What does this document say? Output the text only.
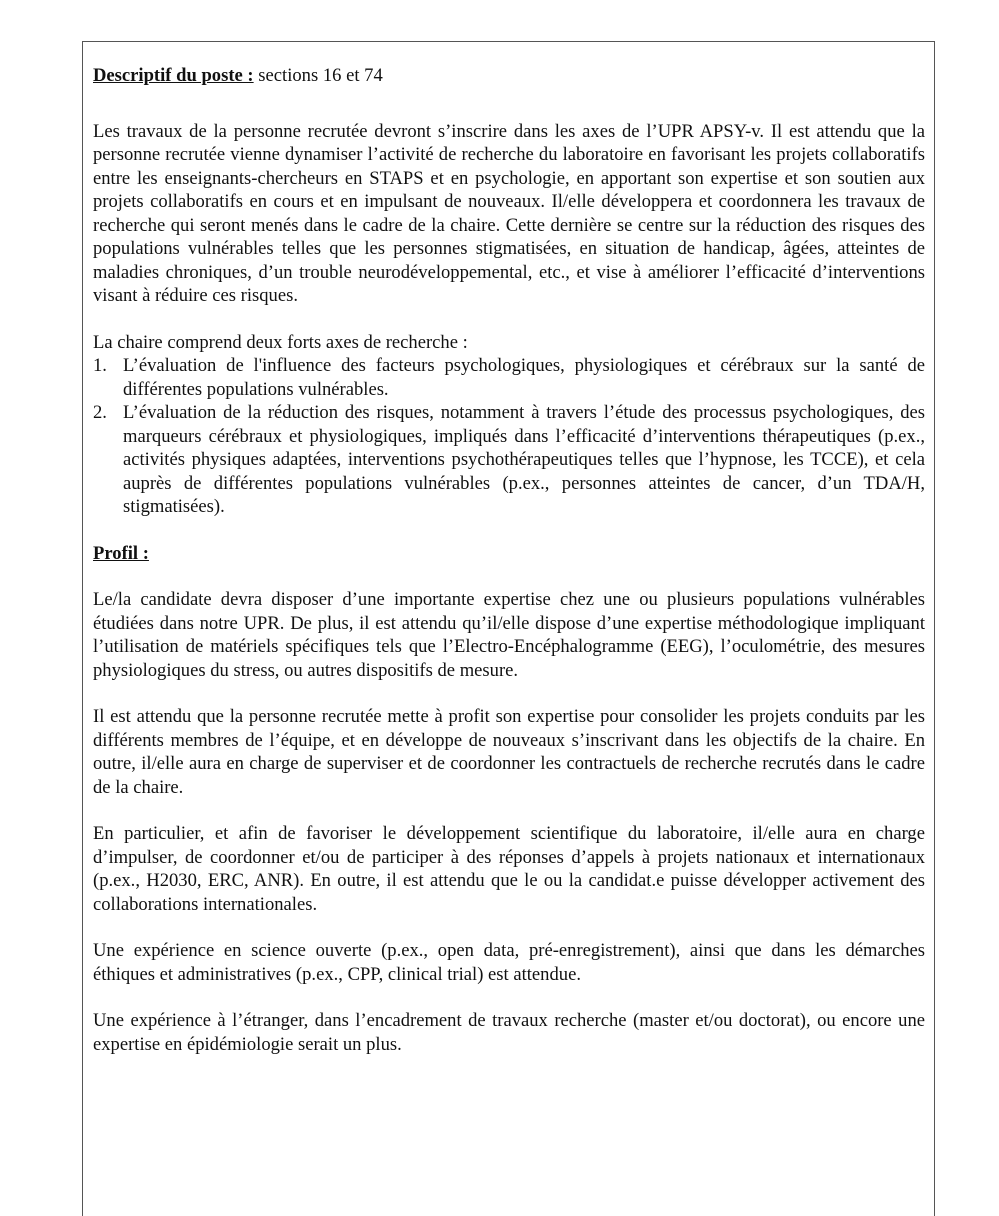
Descriptif du poste : sections 16 et 74

Les travaux de la personne recrutée devront s’inscrire dans les axes de l’UPR APSY-v. Il est attendu que la personne recrutée vienne dynamiser l’activité de recherche du laboratoire en favorisant les projets collaboratifs entre les enseignants-chercheurs en STAPS et en psychologie, en apportant son expertise et son soutien aux projets collaboratifs en cours et en impulsant de nouveaux. Il/elle développera et coordonnera les travaux de recherche qui seront menés dans le cadre de la chaire. Cette dernière se centre sur la réduction des risques des populations vulnérables telles que les personnes stigmatisées, en situation de handicap, âgées, atteintes de maladies chroniques, d’un trouble neurodéveloppemental, etc., et vise à améliorer l’efficacité d’interventions visant à réduire ces risques.

La chaire comprend deux forts axes de recherche :

1. L’évaluation de l'influence des facteurs psychologiques, physiologiques et cérébraux sur la santé de différentes populations vulnérables.
2. L’évaluation de la réduction des risques, notamment à travers l’étude des processus psychologiques, des marqueurs cérébraux et physiologiques, impliqués dans l’efficacité d’interventions thérapeutiques (p.ex., activités physiques adaptées, interventions psychothérapeutiques telles que l’hypnose, les TCCE), et cela auprès de différentes populations vulnérables (p.ex., personnes atteintes de cancer, d’un TDA/H, stigmatisées).

Profil :

Le/la candidate devra disposer d’une importante expertise chez une ou plusieurs populations vulnérables étudiées dans notre UPR. De plus, il est attendu qu’il/elle dispose d’une expertise méthodologique impliquant l’utilisation de matériels spécifiques tels que l’Electro-Encéphalogramme (EEG), l’oculométrie, des mesures physiologiques du stress, ou autres dispositifs de mesure.

Il est attendu que la personne recrutée mette à profit son expertise pour consolider les projets conduits par les différents membres de l’équipe, et en développe de nouveaux s’inscrivant dans les objectifs de la chaire. En outre, il/elle aura en charge de superviser et de coordonner les contractuels de recherche recrutés dans le cadre de la chaire.

En particulier, et afin de favoriser le développement scientifique du laboratoire, il/elle aura en charge d’impulser, de coordonner et/ou de participer à des réponses d’appels à projets nationaux et internationaux (p.ex., H2030, ERC, ANR). En outre, il est attendu que le ou la candidat.e puisse développer activement des collaborations internationales.

Une expérience en science ouverte (p.ex., open data, pré-enregistrement), ainsi que dans les démarches éthiques et administratives (p.ex., CPP, clinical trial) est attendue.

Une expérience à l’étranger, dans l’encadrement de travaux recherche (master et/ou doctorat), ou encore une expertise en épidémiologie serait un plus.
